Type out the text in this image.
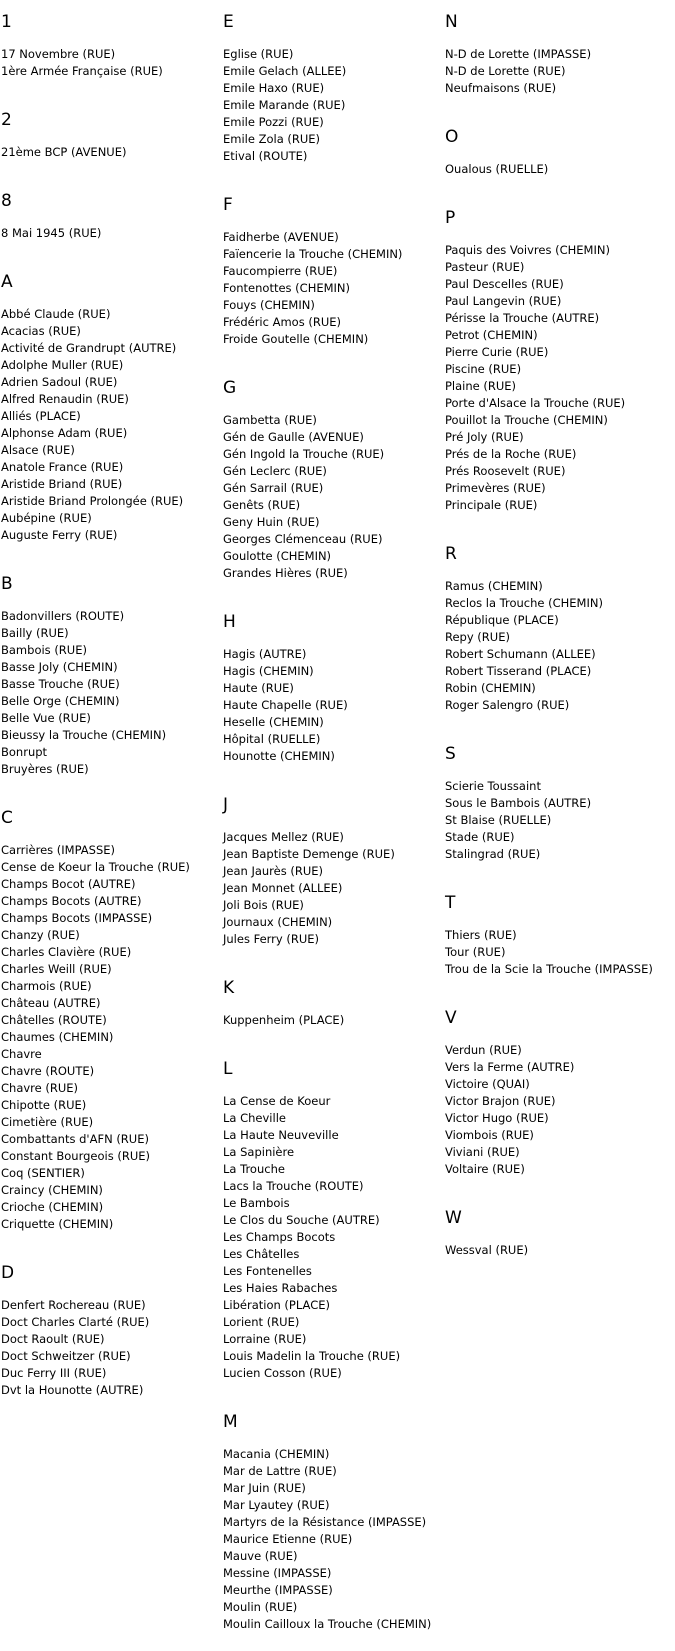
1
17 Novembre (RUE)
1ère Armée Française (RUE)
2
21ème BCP (AVENUE)
8
8 Mai 1945 (RUE)
A
Abbé Claude (RUE)
Acacias (RUE)
Activité de Grandrupt (AUTRE)
Adolphe Muller (RUE)
Adrien Sadoul (RUE)
Alfred Renaudin (RUE)
Alliés (PLACE)
Alphonse Adam (RUE)
Alsace (RUE)
Anatole France (RUE)
Aristide Briand (RUE)
Aristide Briand Prolongée (RUE)
Aubépine (RUE)
Auguste Ferry (RUE)
B
Badonvillers (ROUTE)
Bailly (RUE)
Bambois (RUE)
Basse Joly (CHEMIN)
Basse Trouche (RUE)
Belle Orge (CHEMIN)
Belle Vue (RUE)
Bieussy la Trouche (CHEMIN)
Bonrupt
Bruyères (RUE)
C
Carrières (IMPASSE)
Cense de Koeur la Trouche (RUE)
Champs Bocot (AUTRE)
Champs Bocots (AUTRE)
Champs Bocots (IMPASSE)
Chanzy (RUE)
Charles Clavière (RUE)
Charles Weill (RUE)
Charmois (RUE)
Château (AUTRE)
Châtelles (ROUTE)
Chaumes (CHEMIN)
Chavre
Chavre (ROUTE)
Chavre (RUE)
Chipotte (RUE)
Cimetière (RUE)
Combattants d'AFN (RUE)
Constant Bourgeois (RUE)
Coq (SENTIER)
Craincy (CHEMIN)
Crioche (CHEMIN)
Criquette (CHEMIN)
D
Denfert Rochereau (RUE)
Doct Charles Clarté (RUE)
Doct Raoult (RUE)
Doct Schweitzer (RUE)
Duc Ferry III (RUE)
Dvt la Hounotte (AUTRE)
E
Eglise (RUE)
Emile Gelach (ALLEE)
Emile Haxo (RUE)
Emile Marande (RUE)
Emile Pozzi (RUE)
Emile Zola (RUE)
Etival (ROUTE)
F
Faidherbe (AVENUE)
Faïencerie la Trouche (CHEMIN)
Faucompierre (RUE)
Fontenottes (CHEMIN)
Fouys (CHEMIN)
Frédéric Amos (RUE)
Froide Goutelle (CHEMIN)
G
Gambetta (RUE)
Gén de Gaulle (AVENUE)
Gén Ingold la Trouche (RUE)
Gén Leclerc (RUE)
Gén Sarrail (RUE)
Genêts (RUE)
Geny Huin (RUE)
Georges Clémenceau (RUE)
Goulotte (CHEMIN)
Grandes Hières (RUE)
H
Hagis (AUTRE)
Hagis (CHEMIN)
Haute (RUE)
Haute Chapelle (RUE)
Heselle (CHEMIN)
Hôpital (RUELLE)
Hounotte (CHEMIN)
J
Jacques Mellez (RUE)
Jean Baptiste Demenge (RUE)
Jean Jaurès (RUE)
Jean Monnet (ALLEE)
Joli Bois (RUE)
Journaux (CHEMIN)
Jules Ferry (RUE)
K
Kuppenheim (PLACE)
L
La Cense de Koeur
La Cheville
La Haute Neuveville
La Sapinière
La Trouche
Lacs la Trouche (ROUTE)
Le Bambois
Le Clos du Souche (AUTRE)
Les Champs Bocots
Les Châtelles
Les Fontenelles
Les Haies Rabaches
Libération (PLACE)
Lorient (RUE)
Lorraine (RUE)
Louis Madelin la Trouche (RUE)
Lucien Cosson (RUE)
M
Macania (CHEMIN)
Mar de Lattre (RUE)
Mar Juin (RUE)
Mar Lyautey (RUE)
Martyrs de la Résistance (IMPASSE)
Maurice Etienne (RUE)
Mauve (RUE)
Messine (IMPASSE)
Meurthe (IMPASSE)
Moulin (RUE)
Moulin Cailloux la Trouche (CHEMIN)
N
N-D de Lorette (IMPASSE)
N-D de Lorette (RUE)
Neufmaisons (RUE)
O
Oualous (RUELLE)
P
Paquis des Voivres (CHEMIN)
Pasteur (RUE)
Paul Descelles (RUE)
Paul Langevin (RUE)
Périsse la Trouche (AUTRE)
Petrot (CHEMIN)
Pierre Curie (RUE)
Piscine (RUE)
Plaine (RUE)
Porte d'Alsace la Trouche (RUE)
Pouillot la Trouche (CHEMIN)
Pré Joly (RUE)
Prés de la Roche (RUE)
Prés Roosevelt (RUE)
Primevères (RUE)
Principale (RUE)
R
Ramus (CHEMIN)
Reclos la Trouche (CHEMIN)
République (PLACE)
Repy (RUE)
Robert Schumann (ALLEE)
Robert Tisserand (PLACE)
Robin (CHEMIN)
Roger Salengro (RUE)
S
Scierie Toussaint
Sous le Bambois (AUTRE)
St Blaise (RUELLE)
Stade (RUE)
Stalingrad (RUE)
T
Thiers (RUE)
Tour (RUE)
Trou de la Scie la Trouche (IMPASSE)
V
Verdun (RUE)
Vers la Ferme (AUTRE)
Victoire (QUAI)
Victor Brajon (RUE)
Victor Hugo (RUE)
Viombois (RUE)
Viviani (RUE)
Voltaire (RUE)
W
Wessval (RUE)
